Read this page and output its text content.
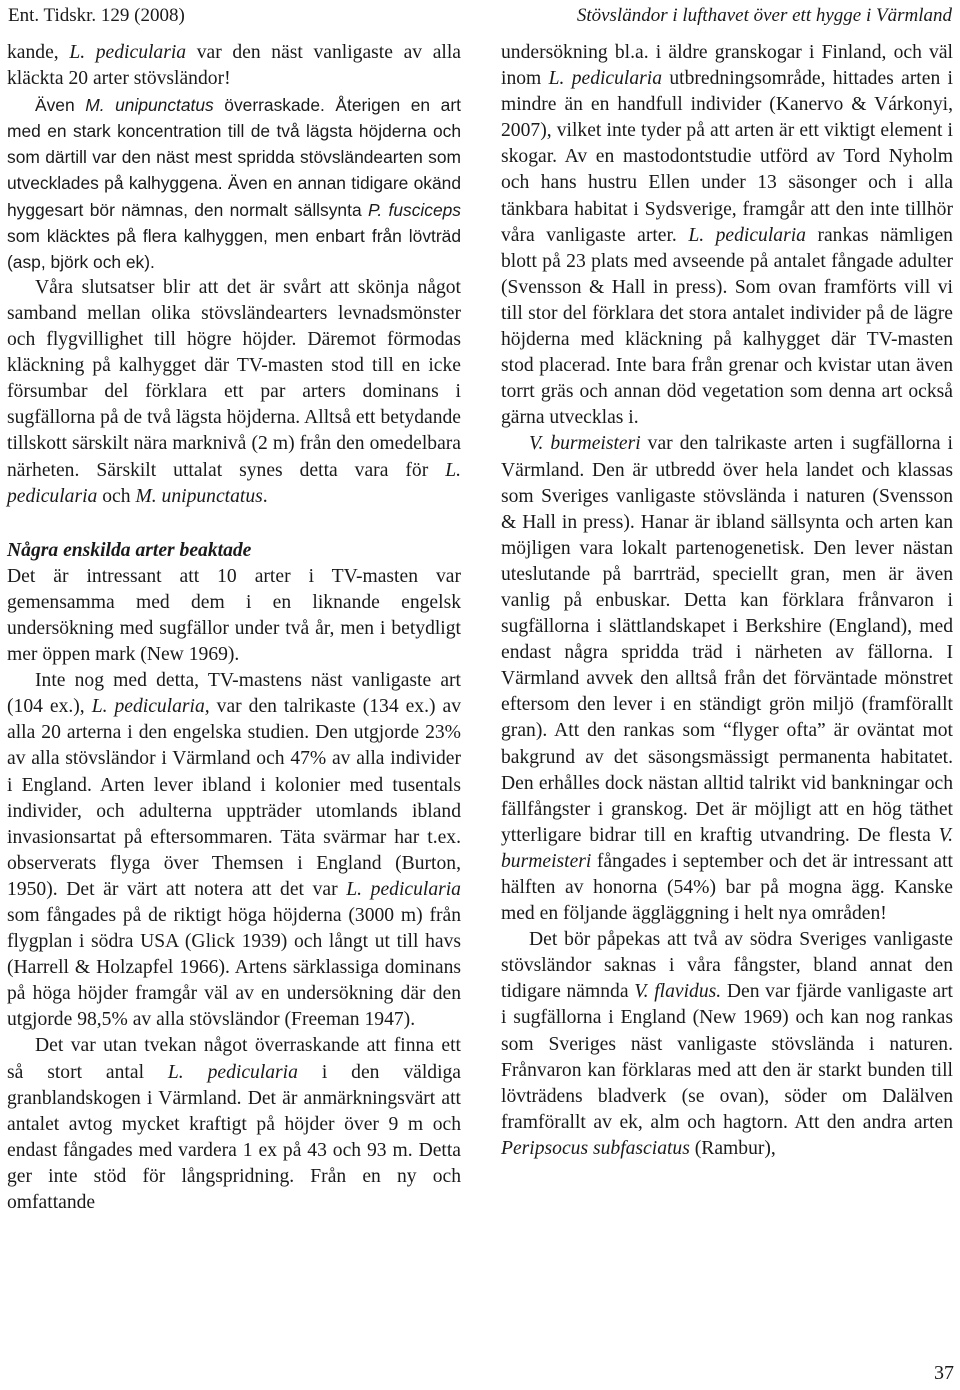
Ent. Tidskr. 129 (2008)	Stövsländor i lufthavet över ett hygge i Värmland

kande, L. pedicularia var den näst vanligaste av alla kläckta 20 arter stövsländor!

Även M. unipunctatus överraskade. Återigen en art med en stark koncentration till de två lägsta höjderna och som därtill var den näst mest spridda stövsländearten som utvecklades på kalhyggena. Även en annan tidigare okänd hyggesart bör nämnas, den normalt sällsynta P. fusciceps som kläcktes på flera kalhyggen, men enbart från lövträd (asp, björk och ek).

Våra slutsatser blir att det är svårt att skönja något samband mellan olika stövsländearters levnadsmönster och flygvillighet till högre höjder. Däremot förmodas kläckning på kalhygget där TV-masten stod till en icke försumbar del förklara ett par arters dominans i sugfällorna på de två lägsta höjderna. Alltså ett betydande tillskott särskilt nära marknivå (2 m) från den omedelbara närheten. Särskilt uttalat synes detta vara för L. pedicularia och M. unipunctatus.

Några enskilda arter beaktade

Det är intressant att 10 arter i TV-masten var gemensamma med dem i en liknande engelsk undersökning med sugfällor under två år, men i betydligt mer öppen mark (New 1969).

Inte nog med detta, TV-mastens näst vanligaste art (104 ex.), L. pedicularia, var den talrikaste (134 ex.) av alla 20 arterna i den engelska studien. Den utgjorde 23% av alla stövsländor i Värmland och 47% av alla individer i England. Arten lever ibland i kolonier med tusentals individer, och adulterna uppträder utomlands ibland invasionsartat på eftersommaren. Täta svärmar har t.ex. observerats flyga över Themsen i England (Burton, 1950). Det är värt att notera att det var L. pedicularia som fångades på de riktigt höga höjderna (3000 m) från flygplan i södra USA (Glick 1939) och långt ut till havs (Harrell & Holzapfel 1966). Artens särklassiga dominans på höga höjder framgår väl av en undersökning där den utgjorde 98,5% av alla stövsländor (Freeman 1947).

Det var utan tvekan något överraskande att finna ett så stort antal L. pedicularia i den väldiga granblandskogen i Värmland. Det är anmärkningsvärt att antalet avtog mycket kraftigt på höjder över 9 m och endast fångades med vardera 1 ex på 43 och 93 m. Detta ger inte stöd för långspridning. Från en ny och omfattande

undersökning bl.a. i äldre granskogar i Finland, och väl inom L. pedicularia utbredningsområde, hittades arten i mindre än en handfull individer (Kanervo & Várkonyi, 2007), vilket inte tyder på att arten är ett viktigt element i skogar. Av en mastodontstudie utförd av Tord Nyholm och hans hustru Ellen under 13 säsonger och i alla tänkbara habitat i Sydsverige, framgår att den inte tillhör våra vanligaste arter. L. pedicularia rankas nämligen blott på 23 plats med avseende på antalet fångade adulter (Svensson & Hall in press). Som ovan framförts vill vi till stor del förklara det stora antalet individer på de lägre höjderna med kläckning på kalhygget där TV-masten stod placerad. Inte bara från grenar och kvistar utan även torrt gräs och annan död vegetation som denna art också gärna utvecklas i.

V. burmeisteri var den talrikaste arten i sugfällorna i Värmland. Den är utbredd över hela landet och klassas som Sveriges vanligaste stövslända i naturen (Svensson & Hall in press). Hanar är ibland sällsynta och arten kan möjligen vara lokalt partenogenetisk. Den lever nästan uteslutande på barrträd, speciellt gran, men är även vanlig på enbuskar. Detta kan förklara frånvaron i sugfällorna i slättlandskapet i Berkshire (England), med endast några spridda träd i närheten av fällorna. I Värmland avvek den alltså från det förväntade mönstret eftersom den lever i en ständigt grön miljö (framförallt gran). Att den rankas som “flyger ofta” är oväntat mot bakgrund av det säsongsmässigt permanenta habitatet. Den erhålles dock nästan alltid talrikt vid bankningar och fällfångster i granskog. Det är möjligt att en hög täthet ytterligare bidrar till en kraftig utvandring. De flesta V. burmeisteri fångades i september och det är intressant att hälften av honorna (54%) bar på mogna ägg. Kanske med en följande äggläggning i helt nya områden!

Det bör påpekas att två av södra Sveriges vanligaste stövsländor saknas i våra fångster, bland annat den tidigare nämnda V. flavidus. Den var fjärde vanligaste art i sugfällorna i England (New 1969) och kan nog rankas som Sveriges näst vanligaste stövslända i naturen. Frånvaron kan förklaras med att den är starkt bunden till lövträdens bladverk (se ovan), söder om Dalälven framförallt av ek, alm och hagtorn. Att den andra arten Peripsocus subfasciatus (Rambur),

37
